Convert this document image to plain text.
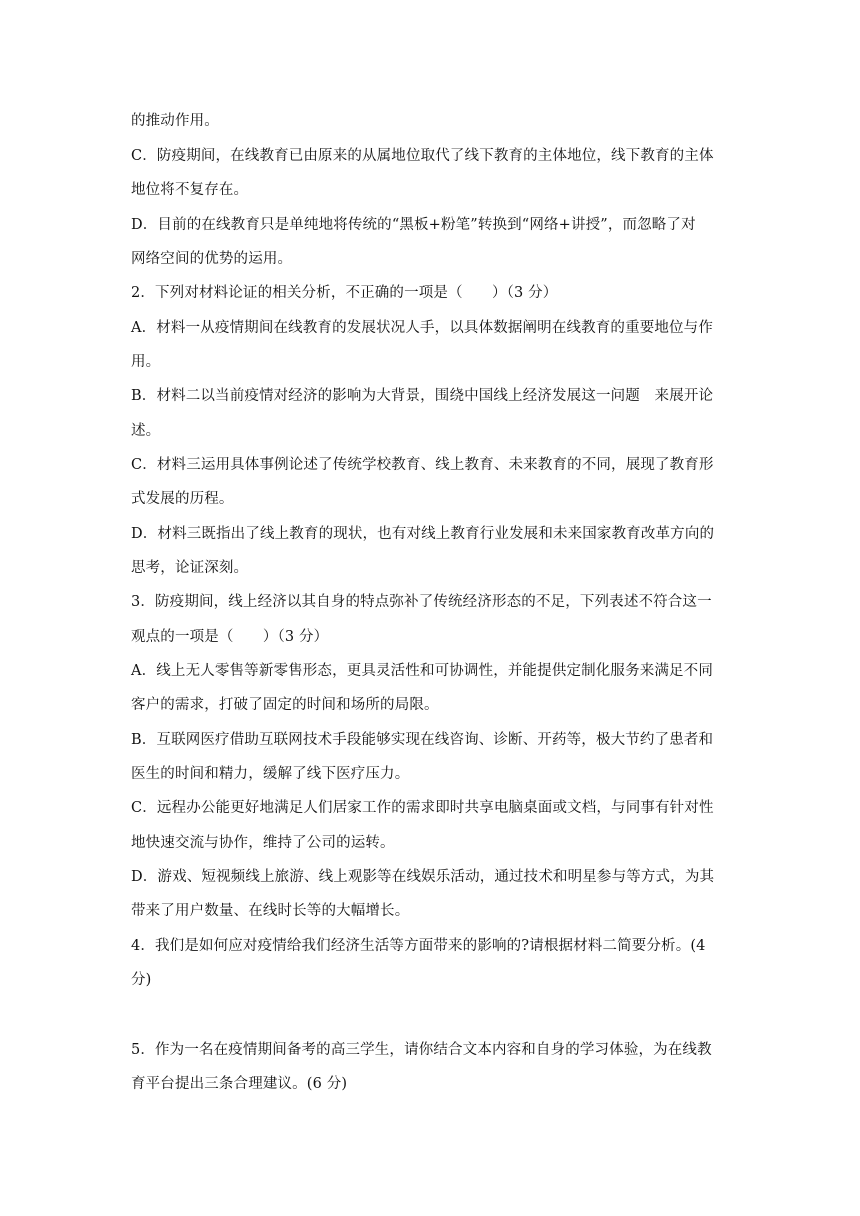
的推动作用。
C．防疫期间，在线教育已由原来的从属地位取代了线下教育的主体地位，线下教育的主体
地位将不复存在。
D．目前的在线教育只是单纯地将传统的“黑板+粉笔”转换到“网络+讲授”，而忽略了对
网络空间的优势的运用。
2．下列对材料论证的相关分析，不正确的一项是（　　）（3 分）
A．材料一从疫情期间在线教育的发展状况人手，以具体数据阐明在线教育的重要地位与作
用。
B．材料二以当前疫情对经济的影响为大背景，围绕中国线上经济发展这一问题　来展开论
述。
C．材料三运用具体事例论述了传统学校教育、线上教育、未来教育的不同，展现了教育形
式发展的历程。
D．材料三既指出了线上教育的现状，也有对线上教育行业发展和未来国家教育改革方向的
思考，论证深刻。
3．防疫期间，线上经济以其自身的特点弥补了传统经济形态的不足，下列表述不符合这一
观点的一项是（　　）（3 分）
A．线上无人零售等新零售形态，更具灵活性和可协调性，并能提供定制化服务来满足不同
客户的需求，打破了固定的时间和场所的局限。
B．互联网医疗借助互联网技术手段能够实现在线咨询、诊断、开药等，极大节约了患者和
医生的时间和精力，缓解了线下医疗压力。
C．远程办公能更好地满足人们居家工作的需求即时共享电脑桌面或文档，与同事有针对性
地快速交流与协作，维持了公司的运转。
D．游戏、短视频线上旅游、线上观影等在线娱乐活动，通过技术和明星参与等方式，为其
带来了用户数量、在线时长等的大幅增长。
4．我们是如何应对疫情给我们经济生活等方面带来的影响的?请根据材料二简要分析。(4
分)
5．作为一名在疫情期间备考的高三学生，请你结合文本内容和自身的学习体验，为在线教
育平台提出三条合理建议。(6 分)
